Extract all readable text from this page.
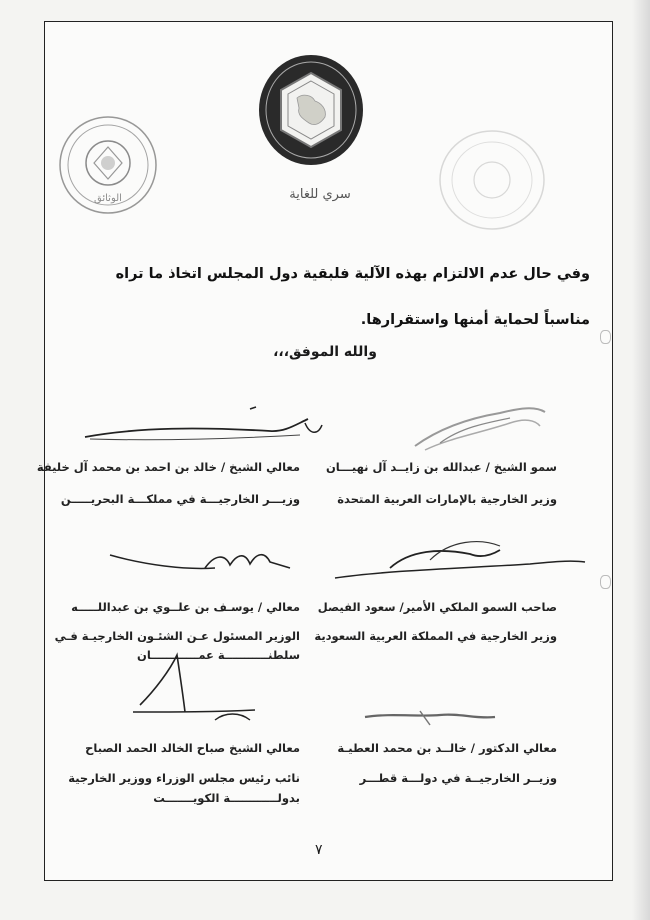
الوثائق	سري للغاية
وفي حال عدم الالتزام بهذه الآلية فلبقية دول المجلس اتخاذ ما تراه
مناسباً لحماية أمنها واستقرارها.
والله الموفق،،،
سمو الشيخ / عبدالله بن زايــد آل نهيـــان
وزير الخارجية بالإمارات العربية المتحدة
معالي الشيخ / خالد بن احمد بن محمد آل خليفة
وزيـــر الخارجيـــة في مملكـــة البحريـــــن
صاحب السمو الملكي الأمير/ سعود الفيصل
وزير الخارجية في المملكة العربية السعودية
معالي / يوسـف بن علــوي بن عبداللـــــه
الوزير المسئول عـن الشئـون الخارجيـة فـي
سلطنـــــــــــة عمــــــــــــان
معالي الدكتور / خالــد بن محمد العطيـة
وزيــر الخارجيــة في دولـــة قطـــر
معالي الشيخ صباح الخالد الحمد الصباح
نائب رئيس مجلس الوزراء ووزير الخارجية
بدولــــــــــــة الكويـــــــت
٧
